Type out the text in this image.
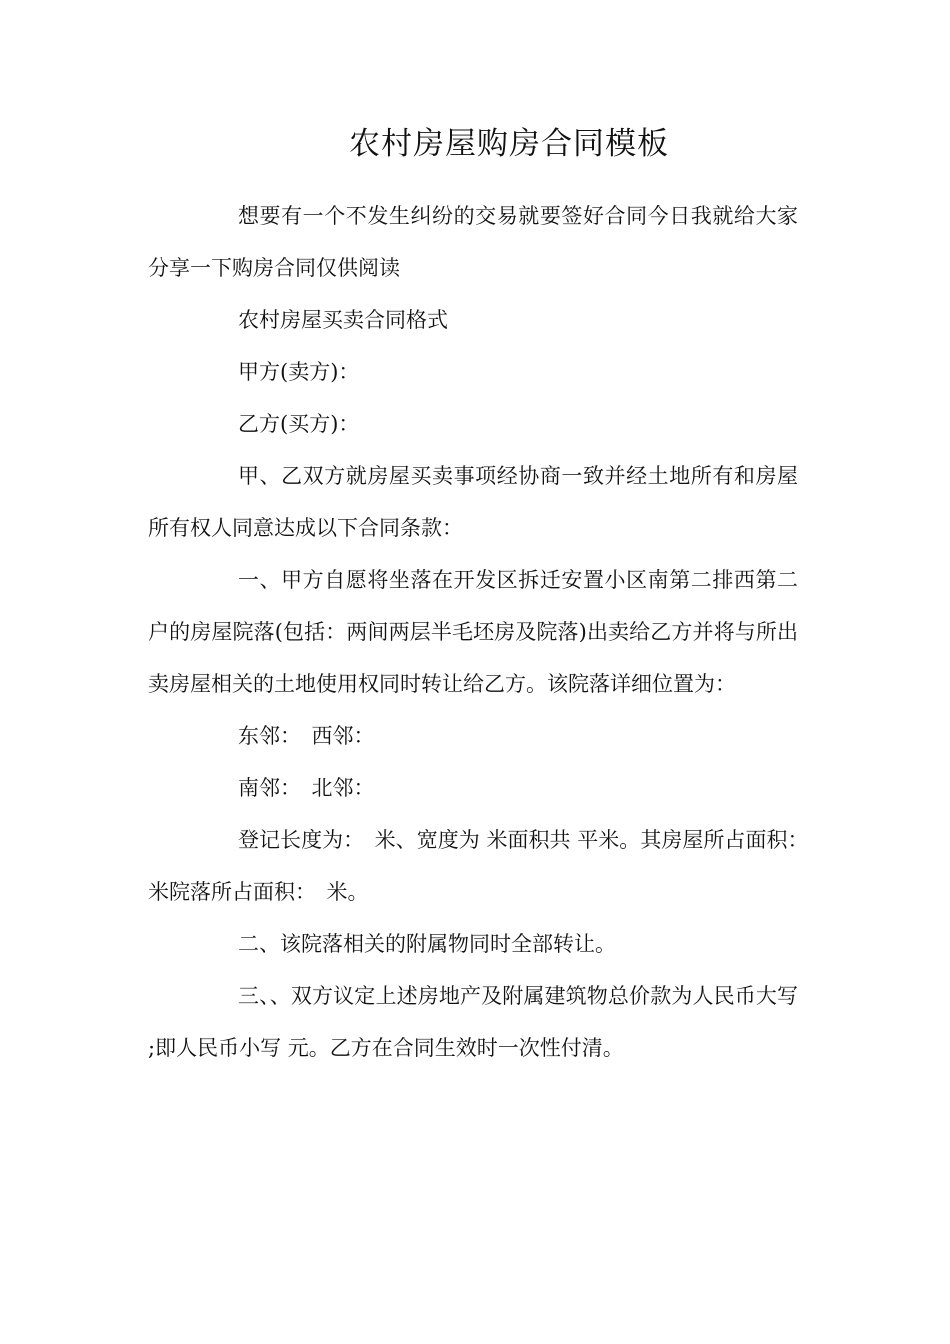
农村房屋购房合同模板

想要有一个不发生纠纷的交易就要签好合同今日我就给大家分享一下购房合同仅供阅读

农村房屋买卖合同格式

甲方(卖方)：

乙方(买方)：

甲、乙双方就房屋买卖事项经协商一致并经土地所有和房屋所有权人同意达成以下合同条款：

一、甲方自愿将坐落在开发区拆迁安置小区南第二排西第二户的房屋院落(包括：两间两层半毛坯房及院落)出卖给乙方并将与所出卖房屋相关的土地使用权同时转让给乙方。该院落详细位置为：

东邻：　西邻：

南邻：　北邻：

登记长度为：　米、宽度为 米面积共 平米。其房屋所占面积：　米院落所占面积：　米。

二、该院落相关的附属物同时全部转让。

三、、双方议定上述房地产及附属建筑物总价款为人民币大写 ;即人民币小写 元。乙方在合同生效时一次性付清。
